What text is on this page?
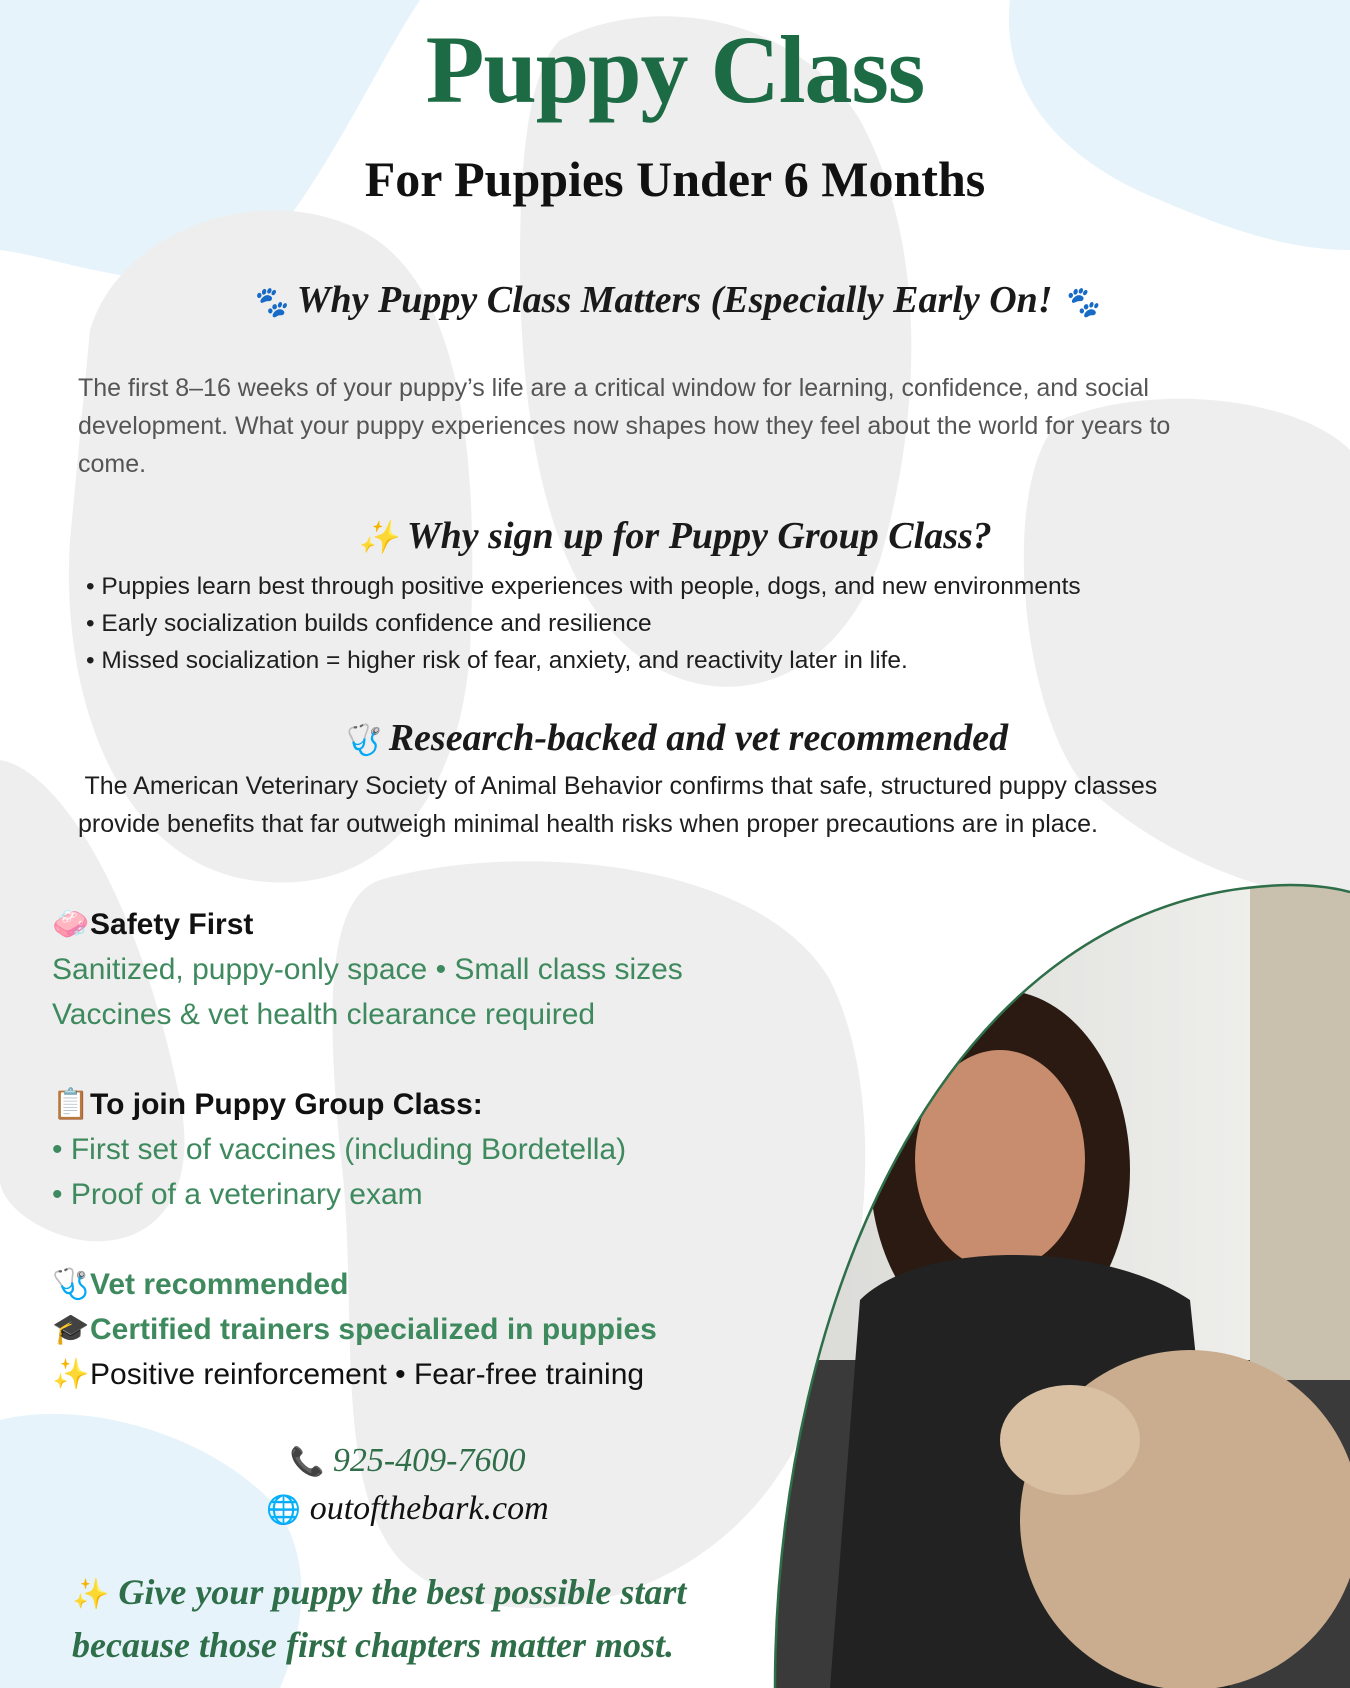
Puppy Class
For Puppies Under 6 Months
🐾 Why Puppy Class Matters (Especially Early On! 🐾
The first 8–16 weeks of your puppy’s life are a critical window for learning, confidence, and social
development. What your puppy experiences now shapes how they feel about the world for years to
come.
✨ Why sign up for Puppy Group Class?
• Puppies learn best through positive experiences with people, dogs, and new environments
• Early socialization builds confidence and resilience
• Missed socialization = higher risk of fear, anxiety, and reactivity later in life.
🩺 Research-backed and vet recommended
The American Veterinary Society of Animal Behavior confirms that safe, structured puppy classes
provide benefits that far outweigh minimal health risks when proper precautions are in place.
🧼Safety First
Sanitized, puppy-only space • Small class sizes
Vaccines & vet health clearance required
📋To join Puppy Group Class:
• First set of vaccines (including Bordetella)
• Proof of a veterinary exam
🩺Vet recommended
🎓Certified trainers specialized in puppies
✨Positive reinforcement • Fear-free training
📞 925-409-7600
🌐 outofthebark.com
✨ Give your puppy the best possible start
because those first chapters matter most.
